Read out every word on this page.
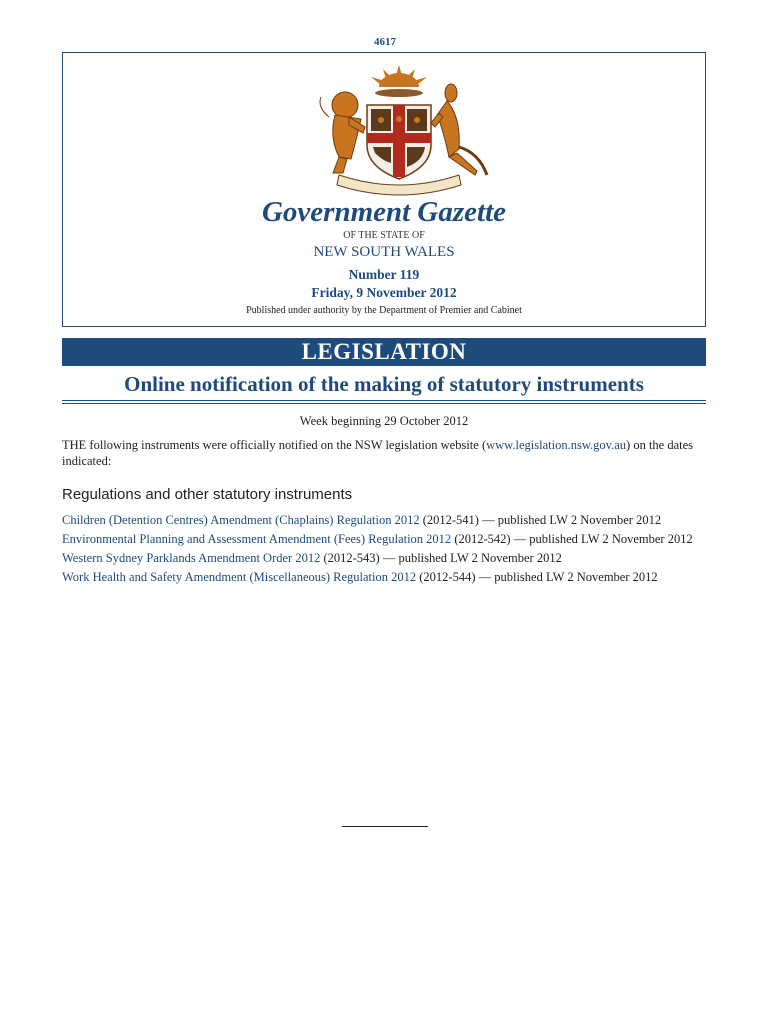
4617
Government Gazette
OF THE STATE OF
NEW SOUTH WALES
Number 119
Friday, 9 November 2012
Published under authority by the Department of Premier and Cabinet
LEGISLATION
Online notification of the making of statutory instruments
Week beginning 29 October 2012
THE following instruments were officially notified on the NSW legislation website (www.legislation.nsw.gov.au) on the dates indicated:
Regulations and other statutory instruments
Children (Detention Centres) Amendment (Chaplains) Regulation 2012 (2012-541) — published LW 2 November 2012
Environmental Planning and Assessment Amendment (Fees) Regulation 2012 (2012-542) — published LW 2 November 2012
Western Sydney Parklands Amendment Order 2012 (2012-543) — published LW 2 November 2012
Work Health and Safety Amendment (Miscellaneous) Regulation 2012 (2012-544) — published LW 2 November 2012
